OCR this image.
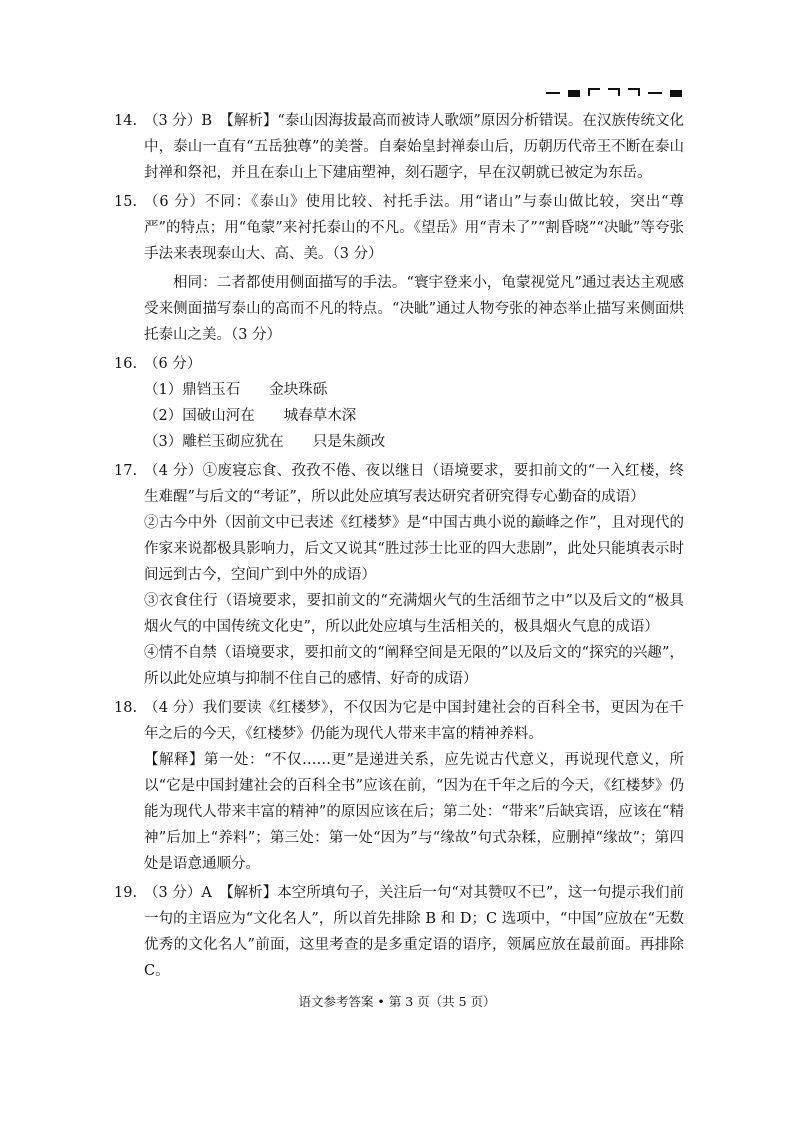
14. （3 分）B　【解析】“泰山因海拔最高而被诗人歌颂”原因分析错误。在汉族传统文化中，泰山一直有“五岳独尊”的美誉。自秦始皇封禅泰山后，历朝历代帝王不断在泰山封禅和祭祀，并且在泰山上下建庙塑神，刻石题字，早在汉朝就已被定为东岳。

15. （6 分）不同：《泰山》使用比较、衬托手法。用“诸山”与泰山做比较，突出“尊严”的特点；用“龟蒙”来衬托泰山的不凡。《望岳》用“青未了”“割昏晓”“决眦”等夸张手法来表现泰山大、高、美。（3 分）

相同：二者都使用侧面描写的手法。“寰宇登来小，龟蒙视觉凡”通过表达主观感受来侧面描写泰山的高而不凡的特点。“决眦”通过人物夸张的神态举止描写来侧面烘托泰山之美。（3 分）

16. （6 分）

（1）鼎铛玉石　　金块珠砾

（2）国破山河在　　城春草木深

（3）雕栏玉砌应犹在　　只是朱颜改

17. （4 分）①废寝忘食、孜孜不倦、夜以继日（语境要求，要扣前文的“一入红楼，终生难醒”与后文的“考证”，所以此处应填写表达研究者研究得专心勤奋的成语）

②古今中外（因前文中已表述《红楼梦》是“中国古典小说的巅峰之作”，且对现代的作家来说都极具影响力，后文又说其“胜过莎士比亚的四大悲剧”，此处只能填表示时间远到古今，空间广到中外的成语）

③衣食住行（语境要求，要扣前文的“充满烟火气的生活细节之中”以及后文的“极具烟火气的中国传统文化史”，所以此处应填与生活相关的，极具烟火气息的成语）

④情不自禁（语境要求，要扣前文的“阐释空间是无限的”以及后文的“探究的兴趣”，所以此处应填与抑制不住自己的感情、好奇的成语）

18. （4 分）我们要读《红楼梦》，不仅因为它是中国封建社会的百科全书，更因为在千年之后的今天，《红楼梦》仍能为现代人带来丰富的精神养料。

【解释】第一处：“不仅……更”是递进关系，应先说古代意义，再说现代意义，所以“它是中国封建社会的百科全书”应该在前，“因为在千年之后的今天，《红楼梦》仍能为现代人带来丰富的精神”的原因应该在后；第二处：“带来”后缺宾语，应该在“精神”后加上“养料”；第三处：第一处“因为”与“缘故”句式杂糅，应删掉“缘故”；第四处是语意通顺分。

19. （3 分）A　【解析】本空所填句子，关注后一句“对其赞叹不已”，这一句提示我们前一句的主语应为“文化名人”，所以首先排除 B 和 D；C 选项中，“中国”应放在“无数优秀的文化名人”前面，这里考查的是多重定语的语序，领属应放在最前面。再排除 C。

语文参考答案 • 第 3 页（共 5 页）
